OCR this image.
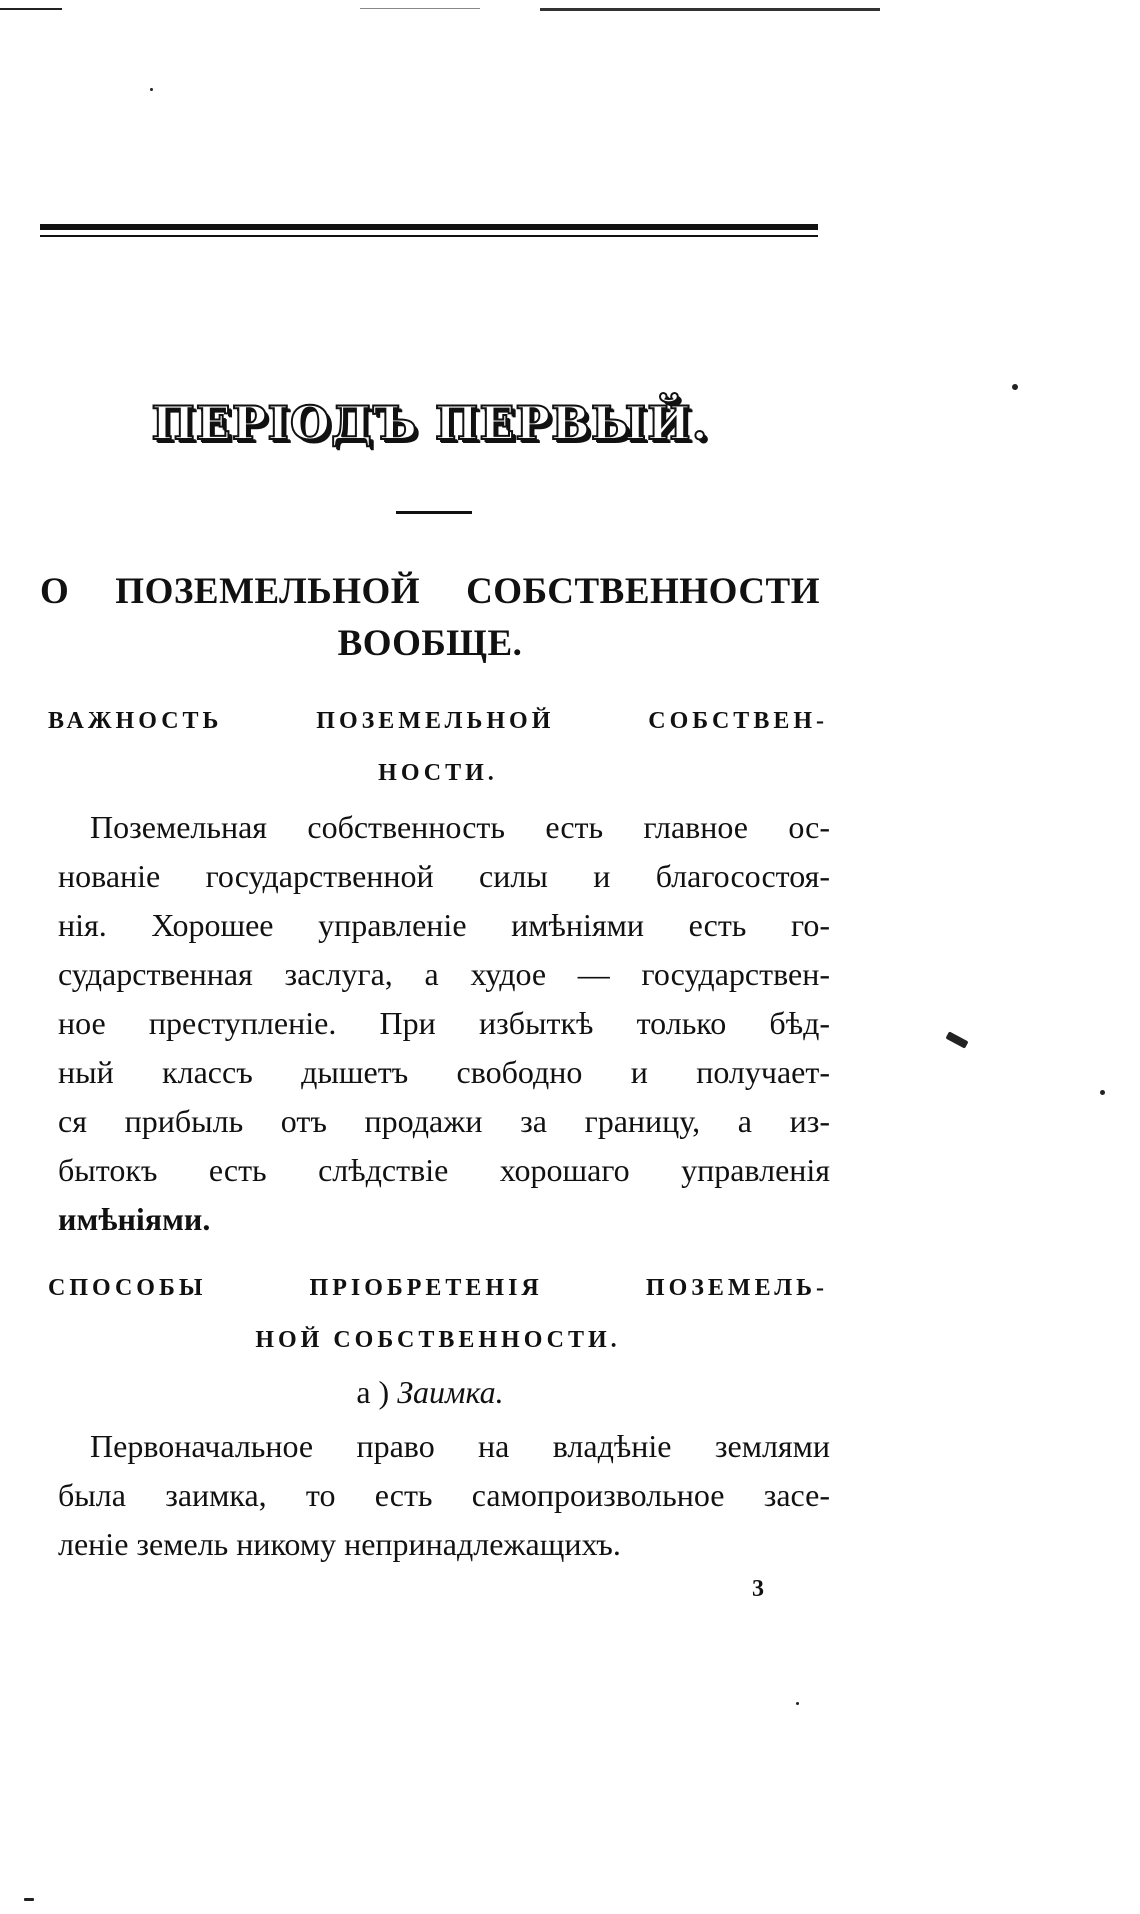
ПЕРІОДЪ ПЕРВЫЙ.
О ПОЗЕМЕЛЬНОЙ СОБСТВЕННОСТИ
ВООБЩЕ.
ВАЖНОСТЬ ПОЗЕМЕЛЬНОЙ СОБСТВЕН-
НОСТИ.
Поземельная собственность есть главное ос-
нованіе государственной силы и благосостоя-
нія. Хорошее управленіе имѣніями есть го-
сударственная заслуга, а худое — государствен-
ное преступленіе. При избыткѣ только бѣд-
ный классъ дышетъ свободно и получает-
ся прибыль отъ продажи за границу, а из-
бытокъ есть слѣдствіе хорошаго управленія
имѣніями.
СПОСОБЫ ПРІОБРЕТЕНІЯ ПОЗЕМЕЛЬ-
НОЙ СОБСТВЕННОСТИ.
а ) Заимка.
Первоначальное право на владѣніе землями
была заимка, то есть самопроизвольное засе-
леніе земель никому непринадлежащихъ.
3
